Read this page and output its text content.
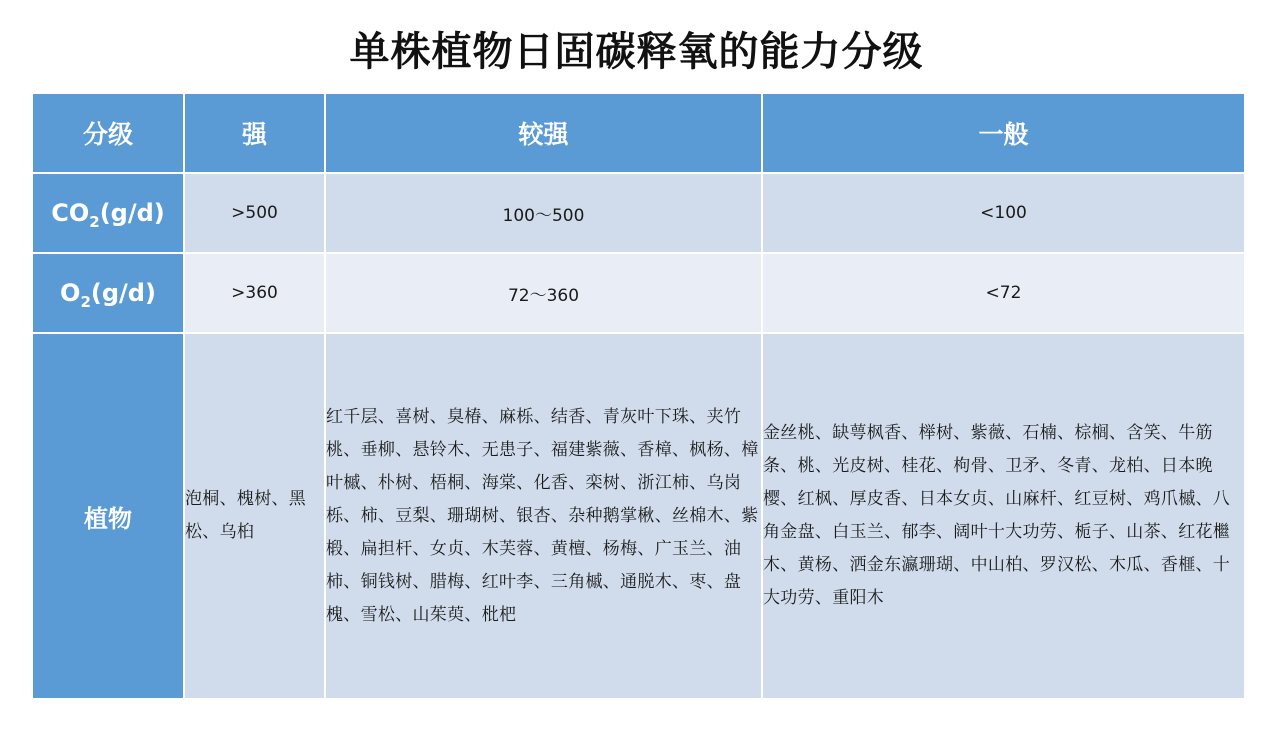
单株植物日固碳释氧的能力分级
分级	强	较强	一般
$CO_2(g/d)$	>500	100～500	<100
$O_2(g/d)$	>360	72～360	<72
植物	泡桐、槐树、黑松、乌桕	红千层、喜树、臭椿、麻栎、结香、青灰叶下珠、夹竹桃、垂柳、悬铃木、无患子、福建紫薇、香樟、枫杨、樟叶槭、朴树、梧桐、海棠、化香、栾树、浙江柿、乌岗栎、柿、豆梨、珊瑚树、银杏、杂种鹅掌楸、丝棉木、紫椴、扁担杆、女贞、木芙蓉、黄檀、杨梅、广玉兰、油柿、铜钱树、腊梅、红叶李、三角槭、通脱木、枣、盘槐、雪松、山茱萸、枇杷	金丝桃、缺萼枫香、榉树、紫薇、石楠、棕榈、含笑、牛筋条、桃、光皮树、桂花、枸骨、卫矛、冬青、龙柏、日本晚樱、红枫、厚皮香、日本女贞、山麻杆、红豆树、鸡爪槭、八角金盘、白玉兰、郁李、阔叶十大功劳、栀子、山茶、红花檵木、黄杨、洒金东瀛珊瑚、中山柏、罗汉松、木瓜、香榧、十大功劳、重阳木
